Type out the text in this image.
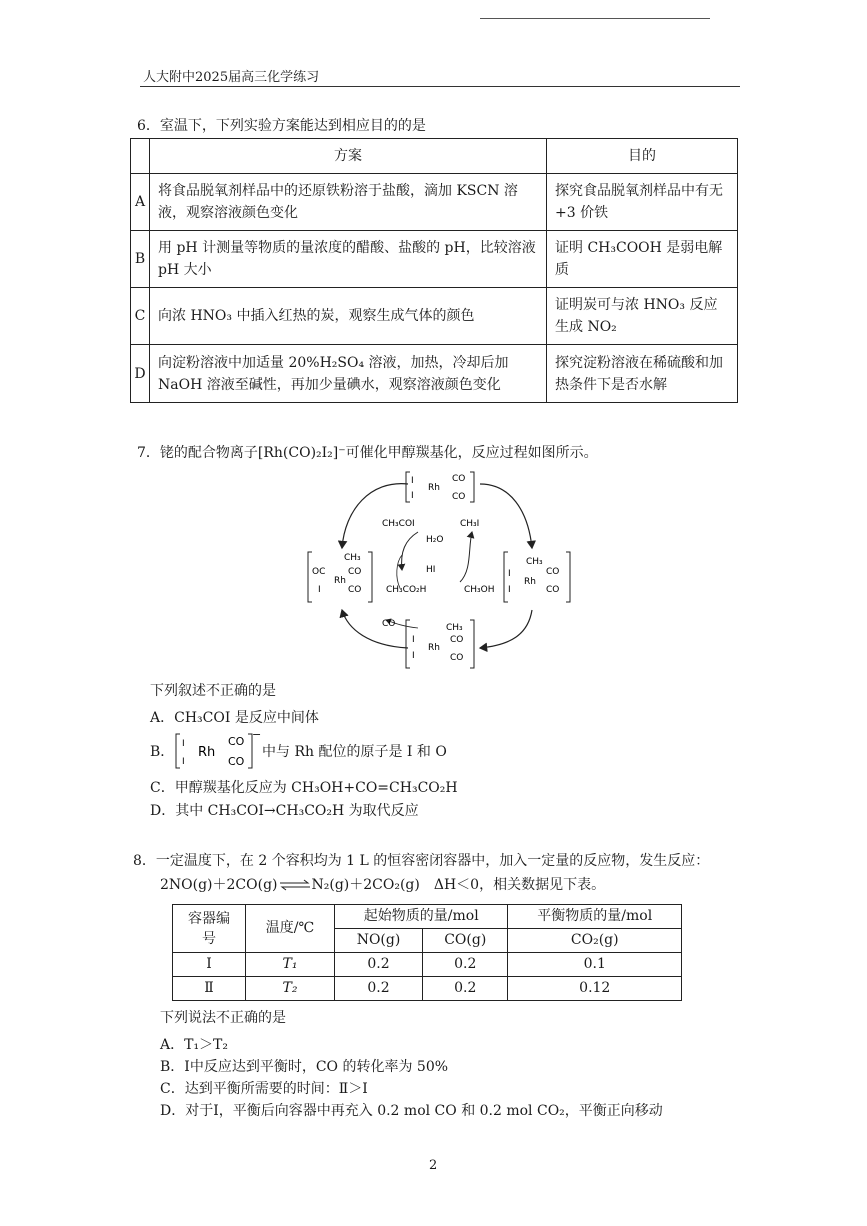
人大附中2025届高三化学练习
6．室温下，下列实验方案能达到相应目的的是
	方案	目的
A	将食品脱氧剂样品中的还原铁粉溶于盐酸，滴加 KSCN 溶液，观察溶液颜色变化	探究食品脱氧剂样品中有无+3 价铁
B	用 pH 计测量等物质的量浓度的醋酸、盐酸的 pH，比较溶液 pH 大小	证明 CH₃COOH 是弱电解质
C	向浓 HNO₃ 中插入红热的炭，观察生成气体的颜色	证明炭可与浓 HNO₃ 反应生成 NO₂
D	向淀粉溶液中加适量 20%H₂SO₄ 溶液，加热，冷却后加 NaOH 溶液至碱性，再加少量碘水，观察溶液颜色变化	探究淀粉溶液在稀硫酸和加热条件下是否水解
7．铑的配合物离子[Rh(CO)₂I₂]⁻可催化甲醇羰基化，反应过程如图所示。
I
I
Rh
CO
CO
CH₃COI	CH₃I
H₂O
HI
CH₃CO₂H	CH₃OH
CO
OC
I
Rh
CH₃
CO
CO
CH₃
I
I
Rh
CO
CO
CH₃
I
I
Rh
CO
CO
下列叙述不正确的是
A．CH₃COI 是反应中间体
B． I
I
Rh
CO
CO
−
中与 Rh 配位的原子是 I 和 O
C．甲醇羰基化反应为 CH₃OH+CO=CH₃CO₂H
D．其中 CH₃COI→CH₃CO₂H 为取代反应
8．一定温度下，在 2 个容积均为 1 L 的恒容密闭容器中，加入一定量的反应物，发生反应：
2NO(g)＋2CO(g)⇌N₂(g)＋2CO₂(g)　ΔH＜0，相关数据见下表。
容器编号	温度/℃	起始物质的量/mol		平衡物质的量/mol
		NO(g)	CO(g)	CO₂(g)
Ⅰ	T₁	0.2	0.2	0.1
Ⅱ	T₂	0.2	0.2	0.12
下列说法不正确的是
A．T₁＞T₂
B．Ⅰ中反应达到平衡时，CO 的转化率为 50%
C．达到平衡所需要的时间：Ⅱ＞Ⅰ
D．对于Ⅰ，平衡后向容器中再充入 0.2 mol CO 和 0.2 mol CO₂，平衡正向移动
2
